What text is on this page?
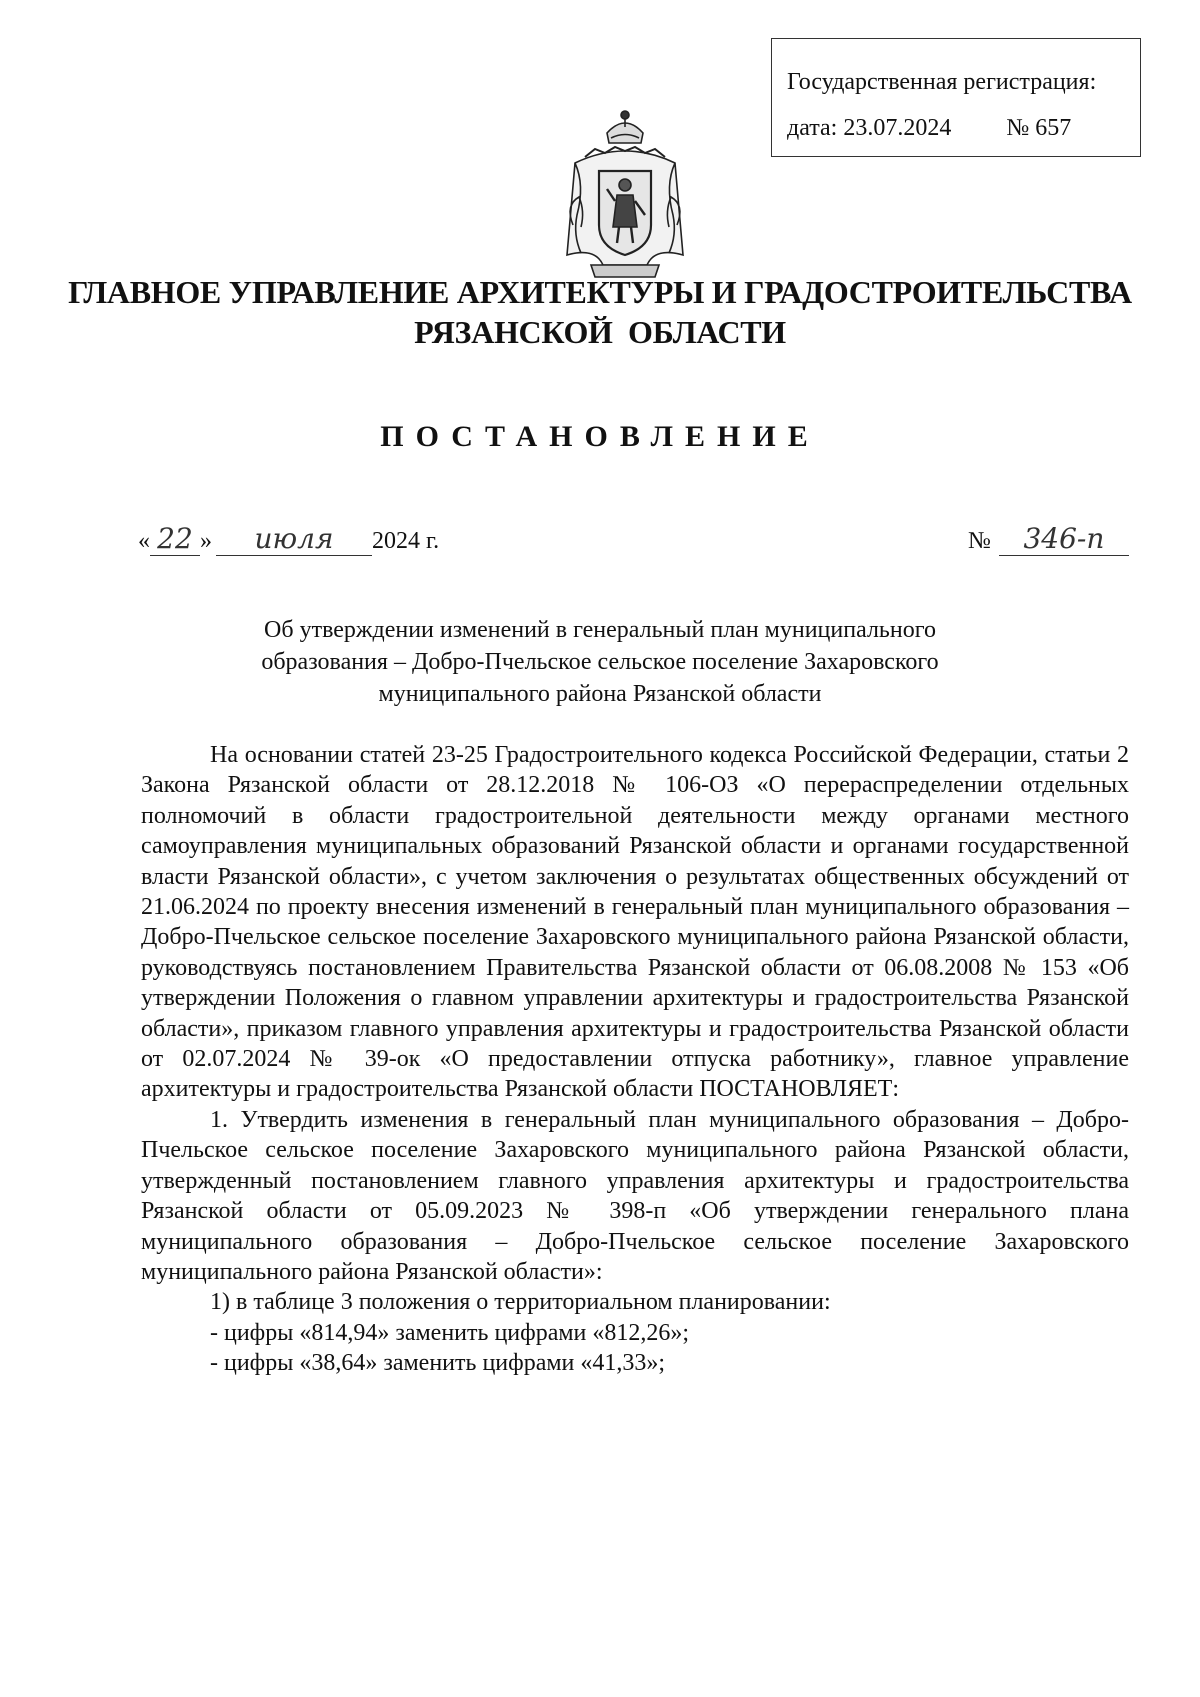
Государственная регистрация:
дата: 23.07.2024 № 657
ГЛАВНОЕ УПРАВЛЕНИЕ АРХИТЕКТУРЫ И ГРАДОСТРОИТЕЛЬСТВА
РЯЗАНСКОЙ  ОБЛАСТИ
ПОСТАНОВЛЕНИЕ
« 22 »	июля	2024 г.	№	346-п
Об утверждении изменений в генеральный план муниципального
образования – Добро-Пчельское сельское поселение Захаровского
муниципального района Рязанской области

На основании статей 23-25 Градостроительного кодекса Российской Федерации, статьи 2 Закона Рязанской области от 28.12.2018 № 106-ОЗ «О перераспределении отдельных полномочий в области градостроительной деятельности между органами местного самоуправления муниципальных образований Рязанской области и органами государственной власти Рязанской области», с учетом заключения о результатах общественных обсуждений от 21.06.2024 по проекту внесения изменений в генеральный план муниципального образования – Добро-Пчельское сельское поселение Захаровского муниципального района Рязанской области, руководствуясь постановлением Правительства Рязанской области от 06.08.2008 № 153 «Об утверждении Положения о главном управлении архитектуры и градостроительства Рязанской области», приказом главного управления архитектуры и градостроительства Рязанской области от 02.07.2024 № 39-ок «О предоставлении отпуска работнику», главное управление архитектуры и градостроительства Рязанской области ПОСТАНОВЛЯЕТ:

1. Утвердить изменения в генеральный план муниципального образования – Добро-Пчельское сельское поселение Захаровского муниципального района Рязанской области, утвержденный постановлением главного управления архитектуры и градостроительства Рязанской области от 05.09.2023 № 398-п «Об утверждении генерального плана муниципального образования – Добро-Пчельское сельское поселение Захаровского муниципального района Рязанской области»:

1) в таблице 3 положения о территориальном планировании:

- цифры «814,94» заменить цифрами «812,26»;

- цифры «38,64» заменить цифрами «41,33»;
